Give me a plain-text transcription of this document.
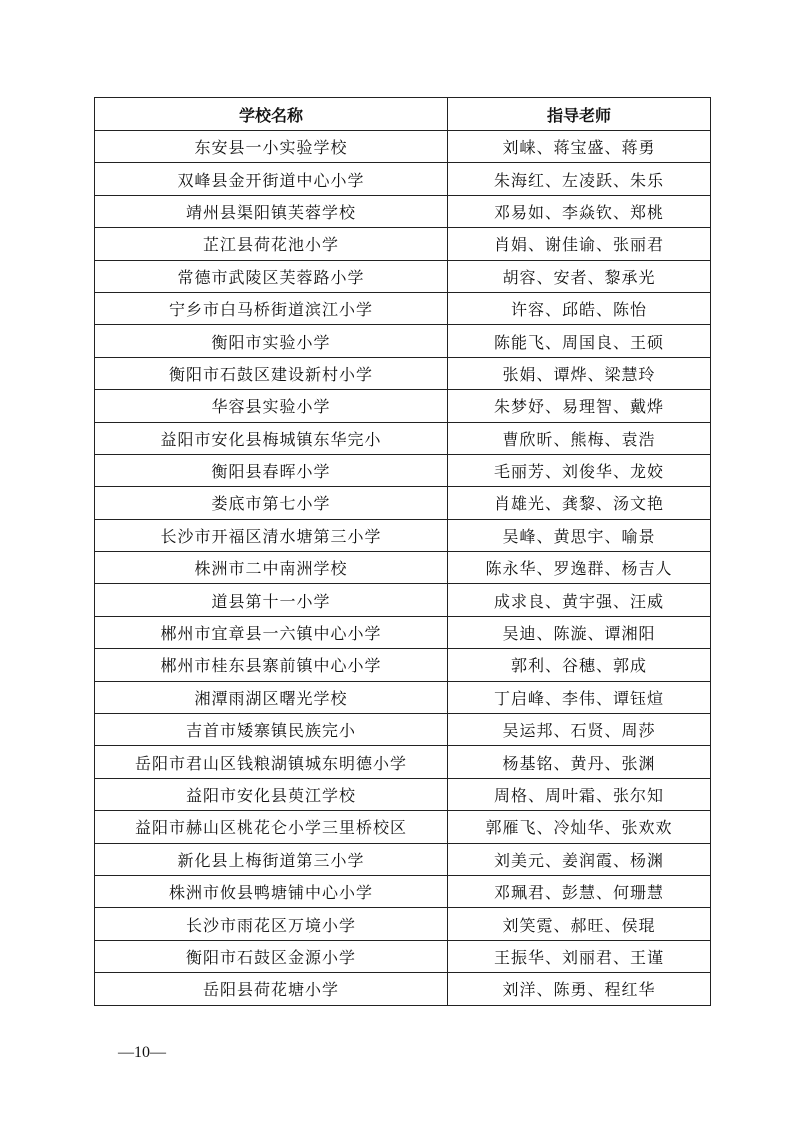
学校名称	指导老师
东安县一小实验学校	刘崃、蒋宝盛、蒋勇
双峰县金开街道中心小学	朱海红、左凌跃、朱乐
靖州县渠阳镇芙蓉学校	邓易如、李焱钦、郑桃
芷江县荷花池小学	肖娟、谢佳谕、张丽君
常德市武陵区芙蓉路小学	胡容、安者、黎承光
宁乡市白马桥街道滨江小学	许容、邱皓、陈怡
衡阳市实验小学	陈能飞、周国良、王硕
衡阳市石鼓区建设新村小学	张娟、谭烨、梁慧玲
华容县实验小学	朱梦妤、易理智、戴烨
益阳市安化县梅城镇东华完小	曹欣昕、熊梅、袁浩
衡阳县春晖小学	毛丽芳、刘俊华、龙姣
娄底市第七小学	肖雄光、龚黎、汤文艳
长沙市开福区清水塘第三小学	吴峰、黄思宇、喻景
株洲市二中南洲学校	陈永华、罗逸群、杨吉人
道县第十一小学	成求良、黄宇强、汪威
郴州市宜章县一六镇中心小学	吴迪、陈漩、谭湘阳
郴州市桂东县寨前镇中心小学	郭利、谷穗、郭成
湘潭雨湖区曙光学校	丁启峰、李伟、谭钰煊
吉首市矮寨镇民族完小	吴运邦、石贤、周莎
岳阳市君山区钱粮湖镇城东明德小学	杨基铭、黄丹、张渊
益阳市安化县萸江学校	周格、周叶霜、张尔知
益阳市赫山区桃花仑小学三里桥校区	郭雁飞、冷灿华、张欢欢
新化县上梅街道第三小学	刘美元、姜润霞、杨渊
株洲市攸县鸭塘铺中心小学	邓珮君、彭慧、何珊慧
长沙市雨花区万境小学	刘笑霓、郝旺、侯琨
衡阳市石鼓区金源小学	王振华、刘丽君、王谨
岳阳县荷花塘小学	刘洋、陈勇、程红华
—10—
